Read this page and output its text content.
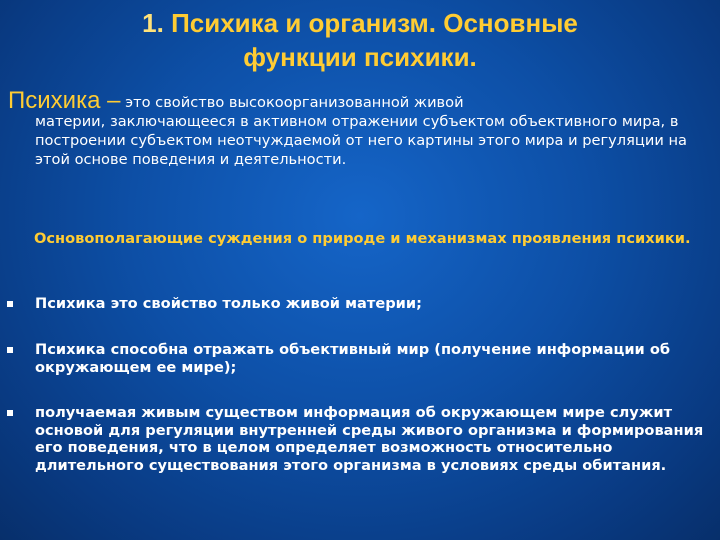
1. Психика и организм. Основные
функции психики.
Психика – это свойство высокоорганизованной живой
материи, заключающееся в активном отражении субъектом объективного мира, в построении субъектом неотчуждаемой от него картины этого мира и регуляции на этой основе поведения и деятельности.
Основополагающие суждения о природе и механизмах проявления психики.
Психика это свойство только живой материи;
Психика способна отражать объективный мир (получение информации об окружающем ее мире);
получаемая живым существом информация об окружающем мире служит основой для регуляции внутренней среды живого организма и формирования его поведения, что в целом определяет возможность относительно длительного существования этого организма в условиях среды обитания.
